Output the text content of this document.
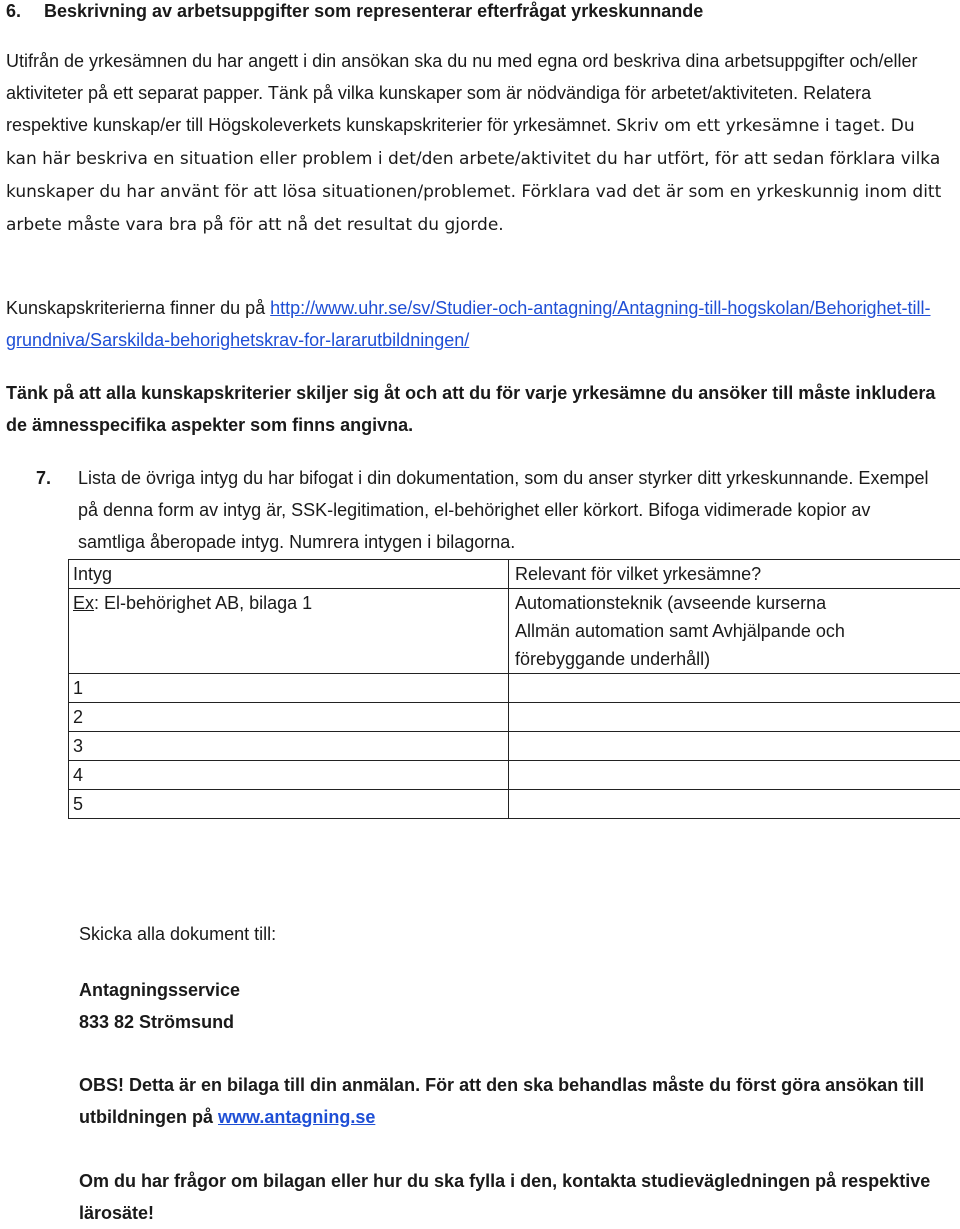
6. Beskrivning av arbetsuppgifter som representerar efterfrågat yrkeskunnande
Utifrån de yrkesämnen du har angett i din ansökan ska du nu med egna ord beskriva dina arbetsuppgifter och/eller aktiviteter på ett separat papper. Tänk på vilka kunskaper som är nödvändiga för arbetet/aktiviteten. Relatera respektive kunskap/er till Högskoleverkets kunskapskriterier för yrkesämnet. Skriv om ett yrkesämne i taget. Du kan här beskriva en situation eller problem i det/den arbete/aktivitet du har utfört, för att sedan förklara vilka kunskaper du har använt för att lösa situationen/problemet. Förklara vad det är som en yrkeskunnig inom ditt arbete måste vara bra på för att nå det resultat du gjorde.
Kunskapskriterierna finner du på http://www.uhr.se/sv/Studier-och-antagning/Antagning-till-hogskolan/Behorighet-till-grundniva/Sarskilda-behorighetskrav-for-lararutbildningen/
Tänk på att alla kunskapskriterier skiljer sig åt och att du för varje yrkesämne du ansöker till måste inkludera de ämnesspecifika aspekter som finns angivna.
7. Lista de övriga intyg du har bifogat i din dokumentation, som du anser styrker ditt yrkeskunnande. Exempel på denna form av intyg är, SSK-legitimation, el-behörighet eller körkort. Bifoga vidimerade kopior av samtliga åberopade intyg. Numrera intygen i bilagorna.
Intyg	Relevant för vilket yrkesämne?
Ex: El-behörighet AB, bilaga 1	Automationsteknik (avseende kurserna
Allmän automation samt Avhjälpande och
förebyggande underhåll)

1	
2	
3	
4	
5	
Skicka alla dokument till:
Antagningsservice
833 82 Strömsund
OBS! Detta är en bilaga till din anmälan. För att den ska behandlas måste du först göra ansökan till utbildningen på www.antagning.se
Om du har frågor om bilagan eller hur du ska fylla i den, kontakta studievägledningen på respektive lärosäte!
